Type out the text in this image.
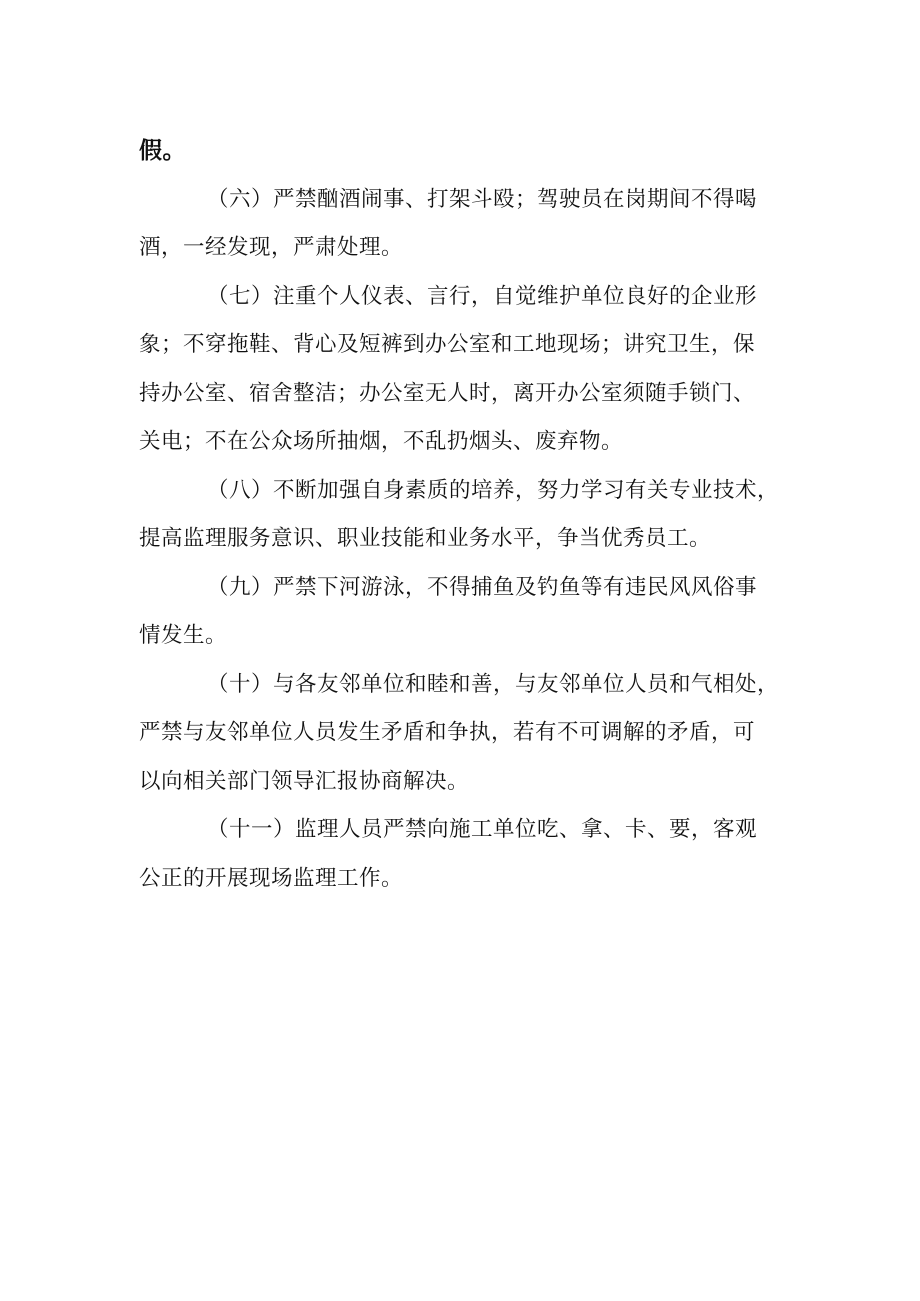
假。
（六）严禁酗酒闹事、打架斗殴；驾驶员在岗期间不得喝
酒，一经发现，严肃处理。
（七）注重个人仪表、言行，自觉维护单位良好的企业形
象；不穿拖鞋、背心及短裤到办公室和工地现场；讲究卫生，保
持办公室、宿舍整洁；办公室无人时，离开办公室须随手锁门、
关电；不在公众场所抽烟，不乱扔烟头、废弃物。
（八）不断加强自身素质的培养，努力学习有关专业技术，
提高监理服务意识、职业技能和业务水平，争当优秀员工。
（九）严禁下河游泳，不得捕鱼及钓鱼等有违民风风俗事
情发生。
（十）与各友邻单位和睦和善，与友邻单位人员和气相处，
严禁与友邻单位人员发生矛盾和争执，若有不可调解的矛盾，可
以向相关部门领导汇报协商解决。
（十一）监理人员严禁向施工单位吃、拿、卡、要，客观
公正的开展现场监理工作。
